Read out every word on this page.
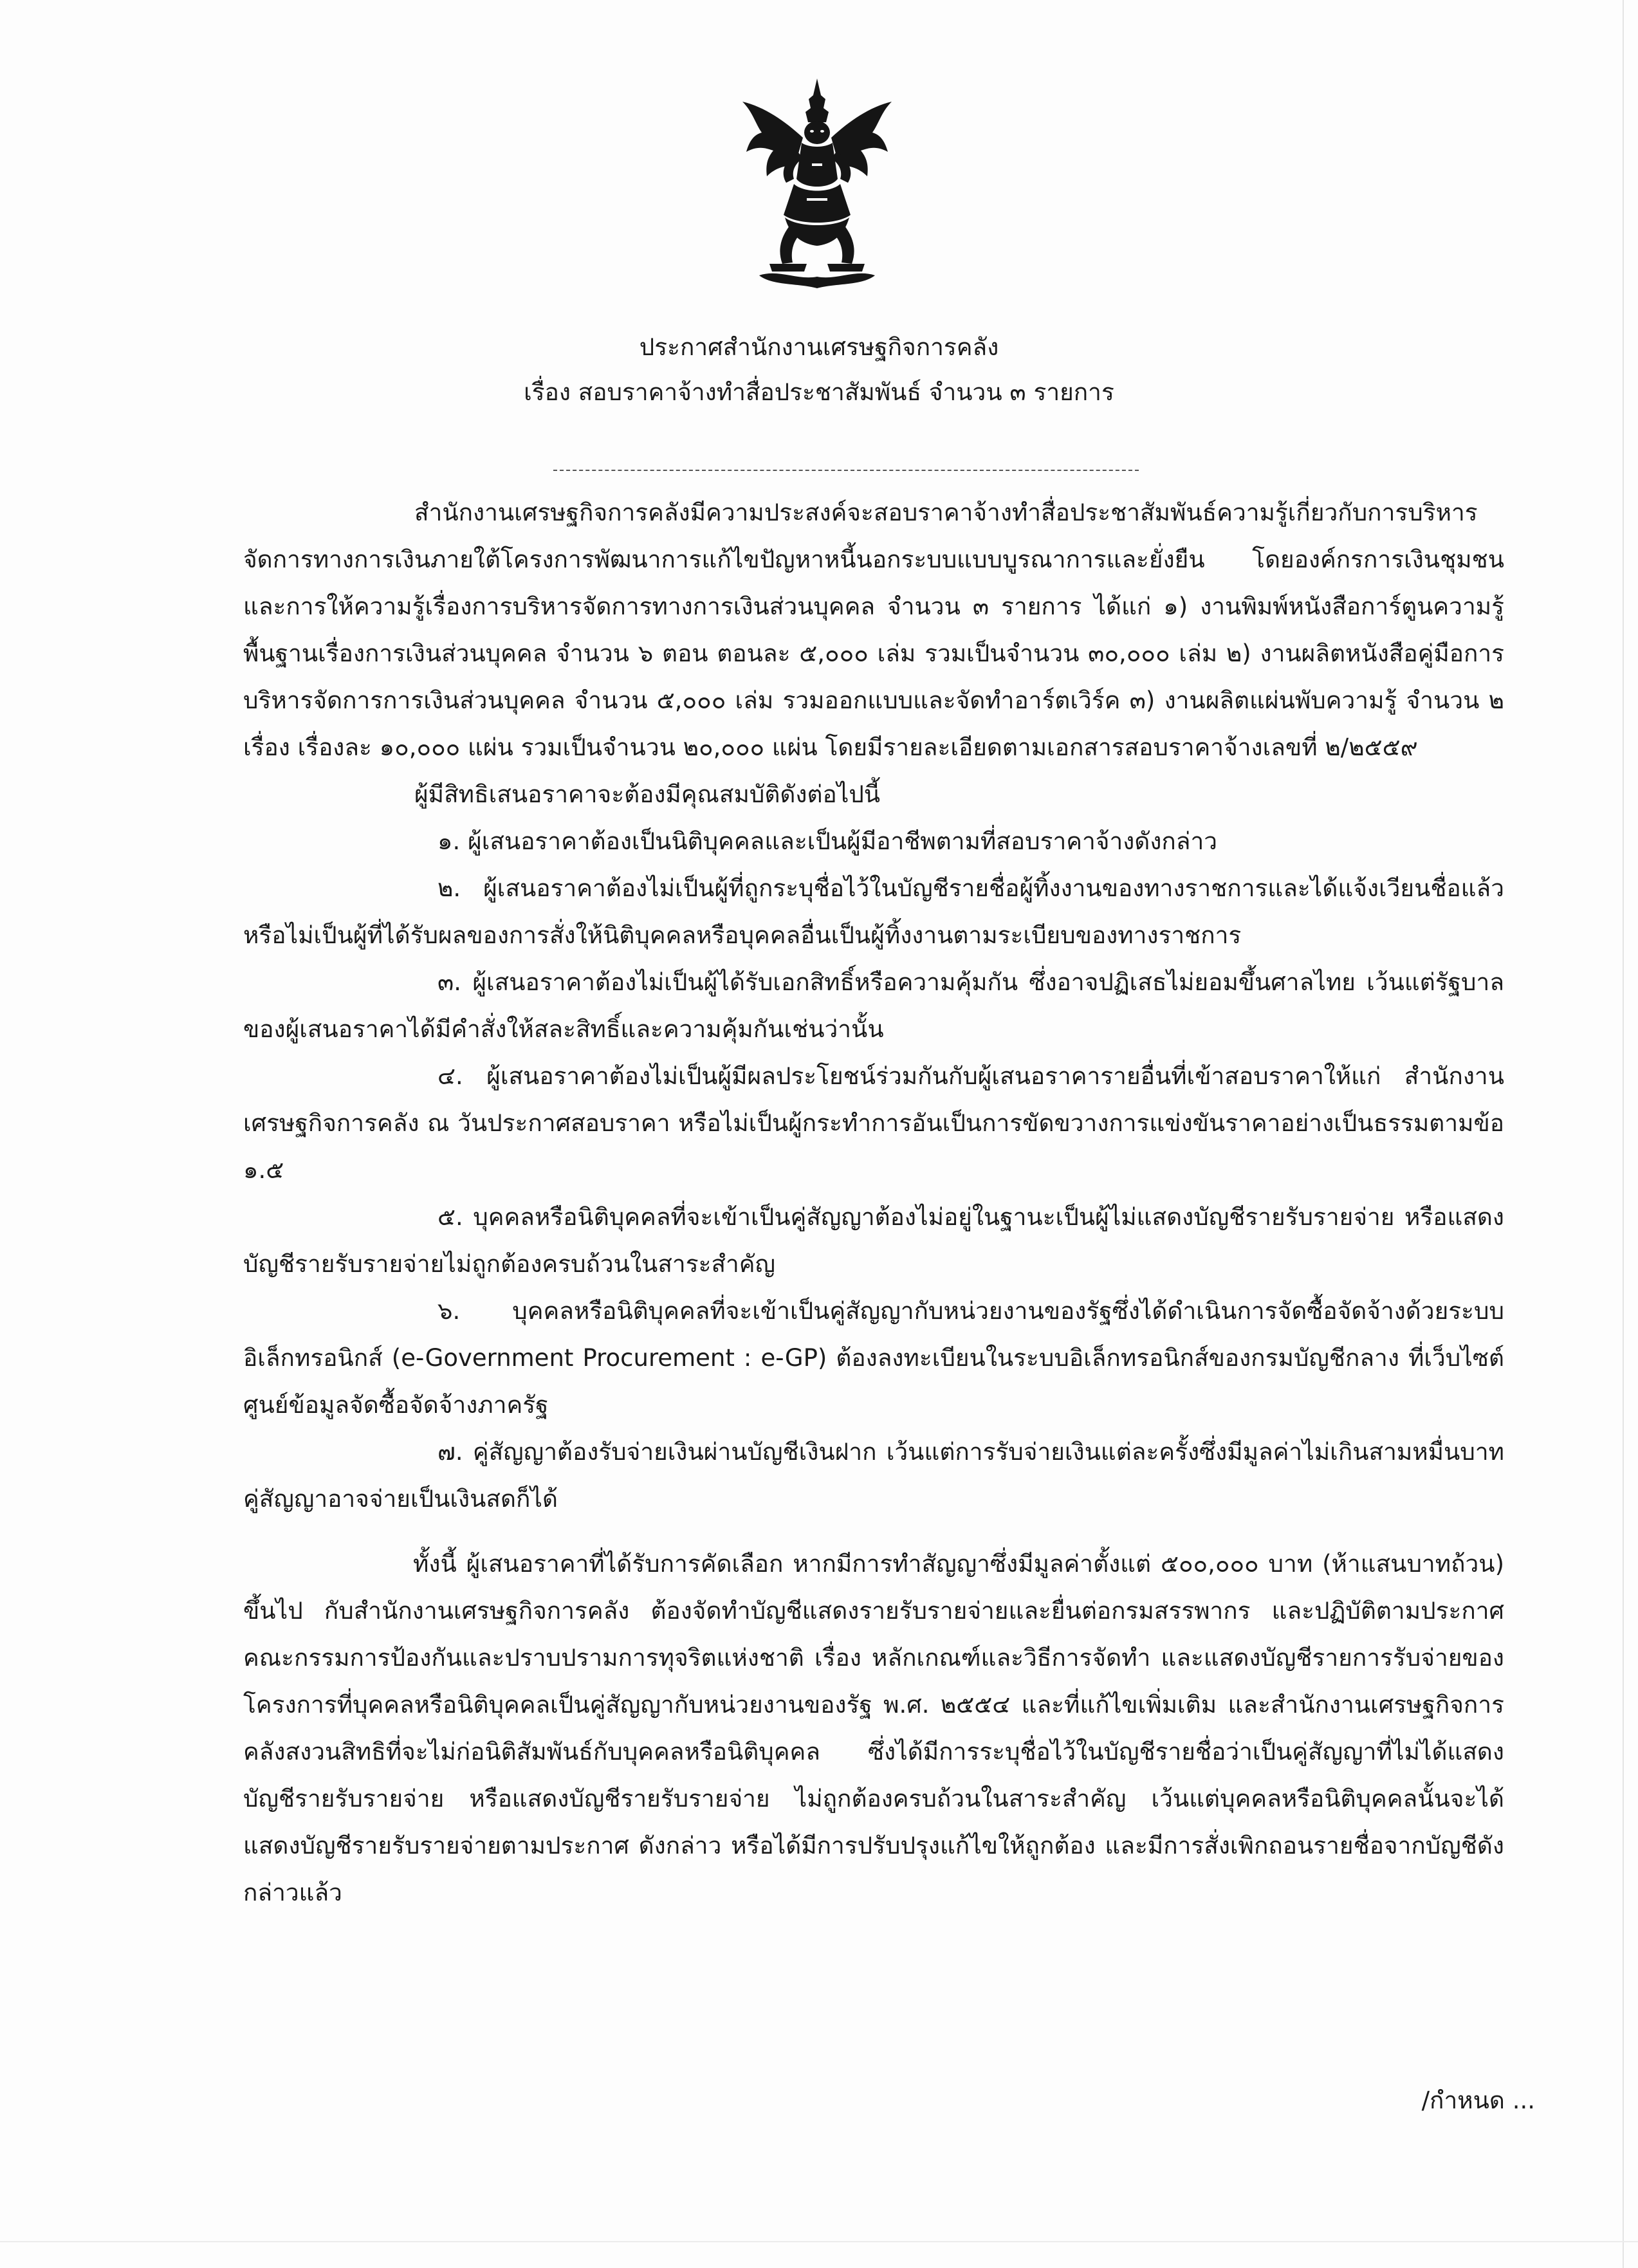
ประกาศสำนักงานเศรษฐกิจการคลัง
เรื่อง สอบราคาจ้างทำสื่อประชาสัมพันธ์ จำนวน ๓ รายการ

สำนักงานเศรษฐกิจการคลังมีความประสงค์จะสอบราคาจ้างทำสื่อประชาสัมพันธ์ความรู้เกี่ยวกับการบริหารจัดการทางการเงินภายใต้โครงการพัฒนาการแก้ไขปัญหาหนี้นอกระบบแบบบูรณาการและยั่งยืน โดยองค์กรการเงินชุมชน และการให้ความรู้เรื่องการบริหารจัดการทางการเงินส่วนบุคคล จำนวน ๓ รายการ ได้แก่ ๑) งานพิมพ์หนังสือการ์ตูนความรู้พื้นฐานเรื่องการเงินส่วนบุคคล จำนวน ๖ ตอน ตอนละ ๕,๐๐๐ เล่ม รวมเป็นจำนวน ๓๐,๐๐๐ เล่ม ๒) งานผลิตหนังสือคู่มือการบริหารจัดการการเงินส่วนบุคคล จำนวน ๕,๐๐๐ เล่ม รวมออกแบบและจัดทำอาร์ตเวิร์ค ๓) งานผลิตแผ่นพับความรู้ จำนวน ๒ เรื่อง เรื่องละ ๑๐,๐๐๐ แผ่น รวมเป็นจำนวน ๒๐,๐๐๐ แผ่น โดยมีรายละเอียดตามเอกสารสอบราคาจ้างเลขที่ ๒/๒๕๕๙

ผู้มีสิทธิเสนอราคาจะต้องมีคุณสมบัติดังต่อไปนี้

๑. ผู้เสนอราคาต้องเป็นนิติบุคคลและเป็นผู้มีอาชีพตามที่สอบราคาจ้างดังกล่าว

๒. ผู้เสนอราคาต้องไม่เป็นผู้ที่ถูกระบุชื่อไว้ในบัญชีรายชื่อผู้ทิ้งงานของทางราชการและได้แจ้งเวียนชื่อแล้ว หรือไม่เป็นผู้ที่ได้รับผลของการสั่งให้นิติบุคคลหรือบุคคลอื่นเป็นผู้ทิ้งงานตามระเบียบของทางราชการ

๓. ผู้เสนอราคาต้องไม่เป็นผู้ได้รับเอกสิทธิ์หรือความคุ้มกัน ซึ่งอาจปฏิเสธไม่ยอมขึ้นศาลไทย เว้นแต่รัฐบาลของผู้เสนอราคาได้มีคำสั่งให้สละสิทธิ์และความคุ้มกันเช่นว่านั้น

๔. ผู้เสนอราคาต้องไม่เป็นผู้มีผลประโยชน์ร่วมกันกับผู้เสนอราคารายอื่นที่เข้าสอบราคาให้แก่ สำนักงานเศรษฐกิจการคลัง ณ วันประกาศสอบราคา หรือไม่เป็นผู้กระทำการอันเป็นการขัดขวางการแข่งขันราคาอย่างเป็นธรรมตามข้อ ๑.๕

๕. บุคคลหรือนิติบุคคลที่จะเข้าเป็นคู่สัญญาต้องไม่อยู่ในฐานะเป็นผู้ไม่แสดงบัญชีรายรับรายจ่าย หรือแสดงบัญชีรายรับรายจ่ายไม่ถูกต้องครบถ้วนในสาระสำคัญ

๖. บุคคลหรือนิติบุคคลที่จะเข้าเป็นคู่สัญญากับหน่วยงานของรัฐซึ่งได้ดำเนินการจัดซื้อจัดจ้างด้วยระบบอิเล็กทรอนิกส์ (e-Government Procurement : e-GP) ต้องลงทะเบียนในระบบอิเล็กทรอนิกส์ของกรมบัญชีกลาง ที่เว็บไซต์ศูนย์ข้อมูลจัดซื้อจัดจ้างภาครัฐ

๗. คู่สัญญาต้องรับจ่ายเงินผ่านบัญชีเงินฝาก เว้นแต่การรับจ่ายเงินแต่ละครั้งซึ่งมีมูลค่าไม่เกินสามหมื่นบาทคู่สัญญาอาจจ่ายเป็นเงินสดก็ได้

ทั้งนี้ ผู้เสนอราคาที่ได้รับการคัดเลือก หากมีการทำสัญญาซึ่งมีมูลค่าตั้งแต่ ๕๐๐,๐๐๐ บาท (ห้าแสนบาทถ้วน) ขึ้นไป กับสำนักงานเศรษฐกิจการคลัง ต้องจัดทำบัญชีแสดงรายรับรายจ่ายและยื่นต่อกรมสรรพากร และปฏิบัติตามประกาศคณะกรรมการป้องกันและปราบปรามการทุจริตแห่งชาติ เรื่อง หลักเกณฑ์และวิธีการจัดทำ และแสดงบัญชีรายการรับจ่ายของโครงการที่บุคคลหรือนิติบุคคลเป็นคู่สัญญากับหน่วยงานของรัฐ พ.ศ. ๒๕๕๔ และที่แก้ไขเพิ่มเติม และสำนักงานเศรษฐกิจการคลังสงวนสิทธิที่จะไม่ก่อนิติสัมพันธ์กับบุคคลหรือนิติบุคคล ซึ่งได้มีการระบุชื่อไว้ในบัญชีรายชื่อว่าเป็นคู่สัญญาที่ไม่ได้แสดงบัญชีรายรับรายจ่าย หรือแสดงบัญชีรายรับรายจ่าย ไม่ถูกต้องครบถ้วนในสาระสำคัญ เว้นแต่บุคคลหรือนิติบุคคลนั้นจะได้แสดงบัญชีรายรับรายจ่ายตามประกาศ ดังกล่าว หรือได้มีการปรับปรุงแก้ไขให้ถูกต้อง และมีการสั่งเพิกถอนรายชื่อจากบัญชีดังกล่าวแล้ว

/กำหนด ...
